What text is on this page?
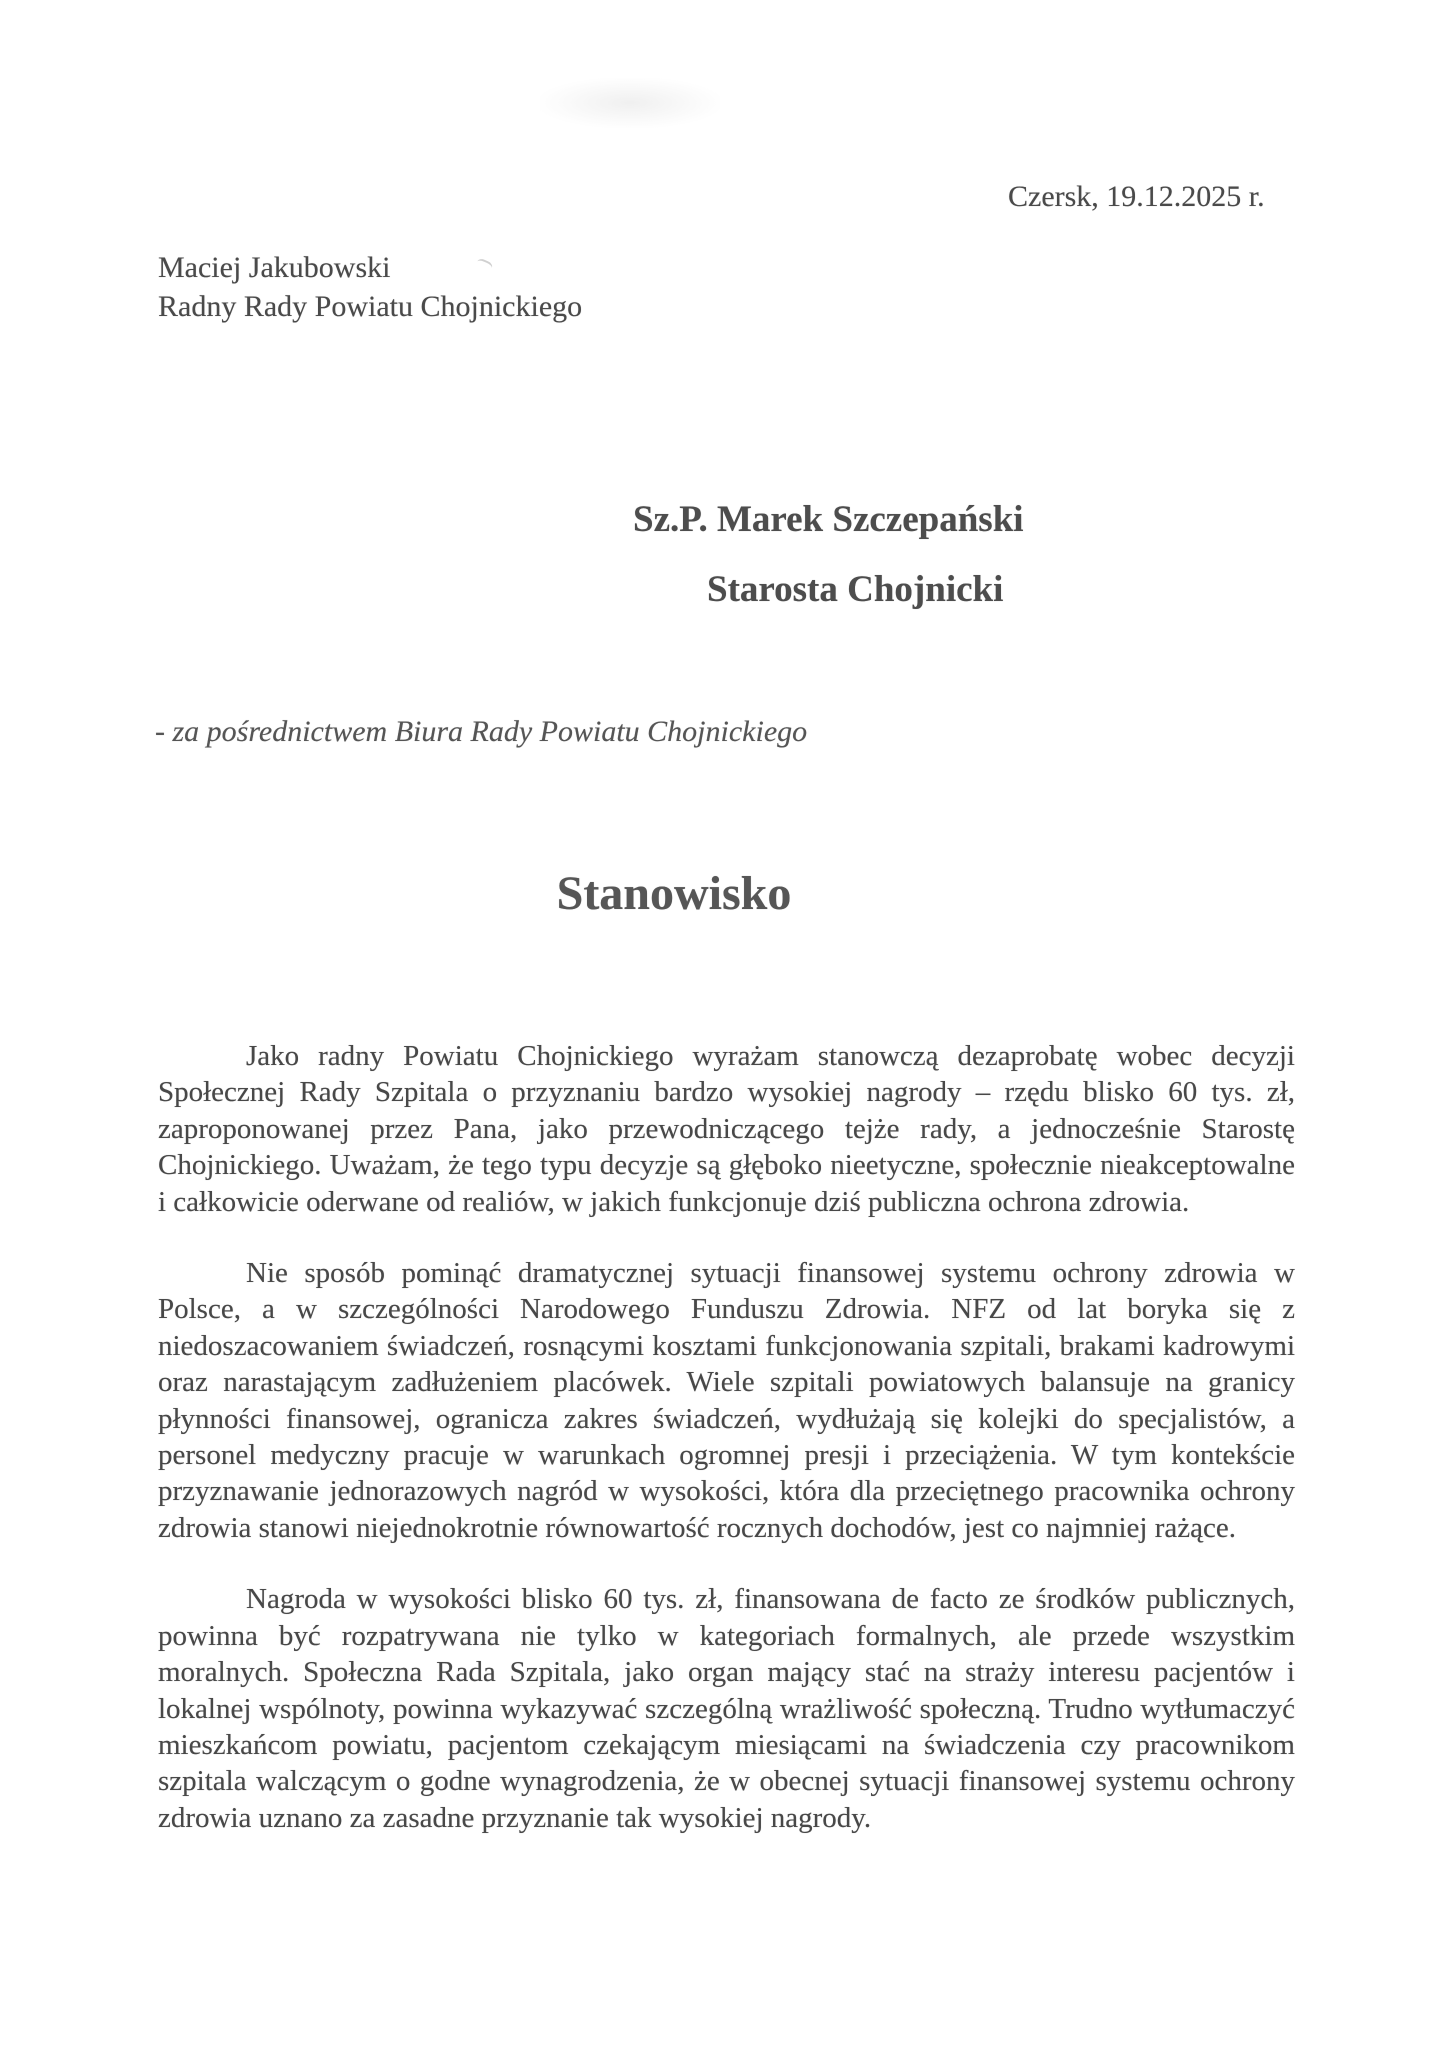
Czersk, 19.12.2025 r.
Maciej Jakubowski
Radny Rady Powiatu Chojnickiego
Sz.P. Marek Szczepański
Starosta Chojnicki
- za pośrednictwem Biura Rady Powiatu Chojnickiego
Stanowisko

Jako radny Powiatu Chojnickiego wyrażam stanowczą dezaprobatę wobec decyzji Społecznej Rady Szpitala o przyznaniu bardzo wysokiej nagrody – rzędu blisko 60 tys. zł, zaproponowanej przez Pana, jako przewodniczącego tejże rady, a jednocześnie Starostę Chojnickiego. Uważam, że tego typu decyzje są głęboko nieetyczne, społecznie nieakceptowalne i całkowicie oderwane od realiów, w jakich funkcjonuje dziś publiczna ochrona zdrowia.

Nie sposób pominąć dramatycznej sytuacji finansowej systemu ochrony zdrowia w Polsce, a w szczególności Narodowego Funduszu Zdrowia. NFZ od lat boryka się z niedoszacowaniem świadczeń, rosnącymi kosztami funkcjonowania szpitali, brakami kadrowymi oraz narastającym zadłużeniem placówek. Wiele szpitali powiatowych balansuje na granicy płynności finansowej, ogranicza zakres świadczeń, wydłużają się kolejki do specjalistów, a personel medyczny pracuje w warunkach ogromnej presji i przeciążenia. W tym kontekście przyznawanie jednorazowych nagród w wysokości, która dla przeciętnego pracownika ochrony zdrowia stanowi niejednokrotnie równowartość rocznych dochodów, jest co najmniej rażące.

Nagroda w wysokości blisko 60 tys. zł, finansowana de facto ze środków publicznych, powinna być rozpatrywana nie tylko w kategoriach formalnych, ale przede wszystkim moralnych. Społeczna Rada Szpitala, jako organ mający stać na straży interesu pacjentów i lokalnej wspólnoty, powinna wykazywać szczególną wrażliwość społeczną. Trudno wytłumaczyć mieszkańcom powiatu, pacjentom czekającym miesiącami na świadczenia czy pracownikom szpitala walczącym o godne wynagrodzenia, że w obecnej sytuacji finansowej systemu ochrony zdrowia uznano za zasadne przyznanie tak wysokiej nagrody.
